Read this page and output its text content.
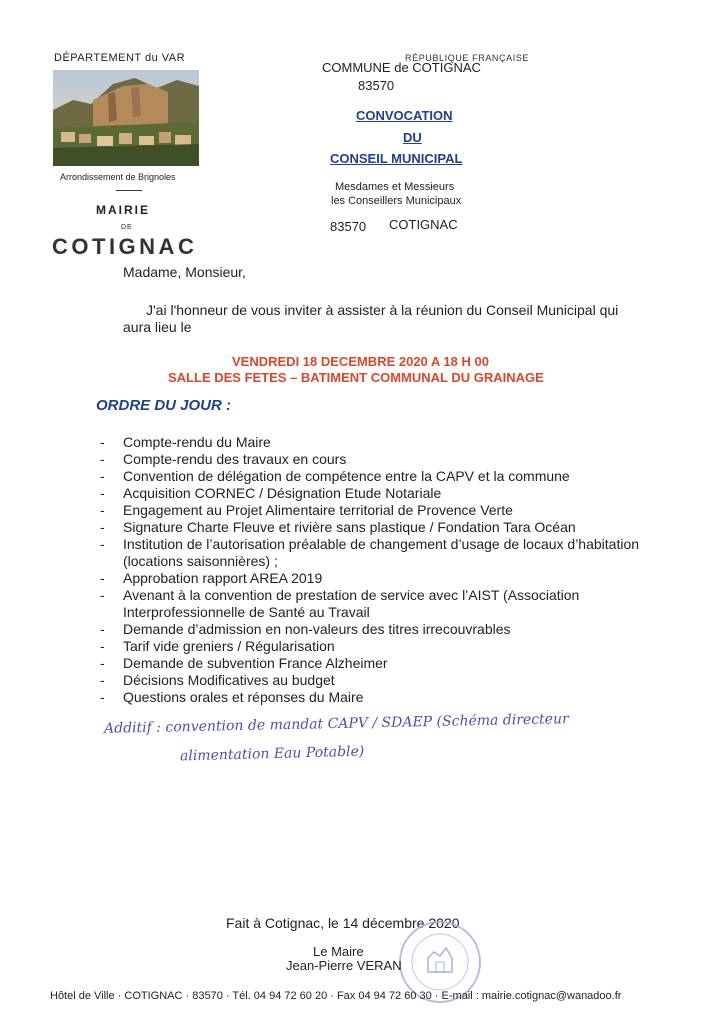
DÉPARTEMENT du VAR
Arrondissement de Brignoles
MAIRIE
DE
COTIGNAC
RÉPUBLIQUE FRANÇAISE
COMMUNE de COTIGNAC
83570
CONVOCATION
DU
CONSEIL MUNICIPAL
Mesdames et Messieurs
les Conseillers Municipaux
83570 COTIGNAC
Madame, Monsieur,
J'ai l'honneur de vous inviter à assister à la réunion du Conseil Municipal qui
aura lieu le
VENDREDI 18 DECEMBRE 2020 A 18 H 00
SALLE DES FETES – BATIMENT COMMUNAL DU GRAINAGE
ORDRE DU JOUR :
- Compte-rendu du Maire
- Compte-rendu des travaux en cours
- Convention de délégation de compétence entre la CAPV et la commune
- Acquisition CORNEC / Désignation Etude Notariale
- Engagement au Projet Alimentaire territorial de Provence Verte
- Signature Charte Fleuve et rivière sans plastique / Fondation Tara Océan
- Institution de l’autorisation préalable de changement d’usage de locaux d’habitation
(locations saisonnières) ;
- Approbation rapport AREA 2019
- Avenant à la convention de prestation de service avec l’AIST (Association
Interprofessionnelle de Santé au Travail
- Demande d’admission en non-valeurs des titres irrecouvrables
- Tarif vide greniers / Régularisation
- Demande de subvention France Alzheimer
- Décisions Modificatives au budget
- Questions orales et réponses du Maire
Additif : convention de mandat CAPV / SDAEP (Schéma directeur
alimentation Eau Potable)
Fait à Cotignac, le 14 décembre 2020
Le Maire
Jean-Pierre VERAN
Hôtel de Ville · COTIGNAC · 83570 · Tél. 04 94 72 60 20 · Fax 04 94 72 60 30 · E-mail : mairie.cotignac@wanadoo.fr
